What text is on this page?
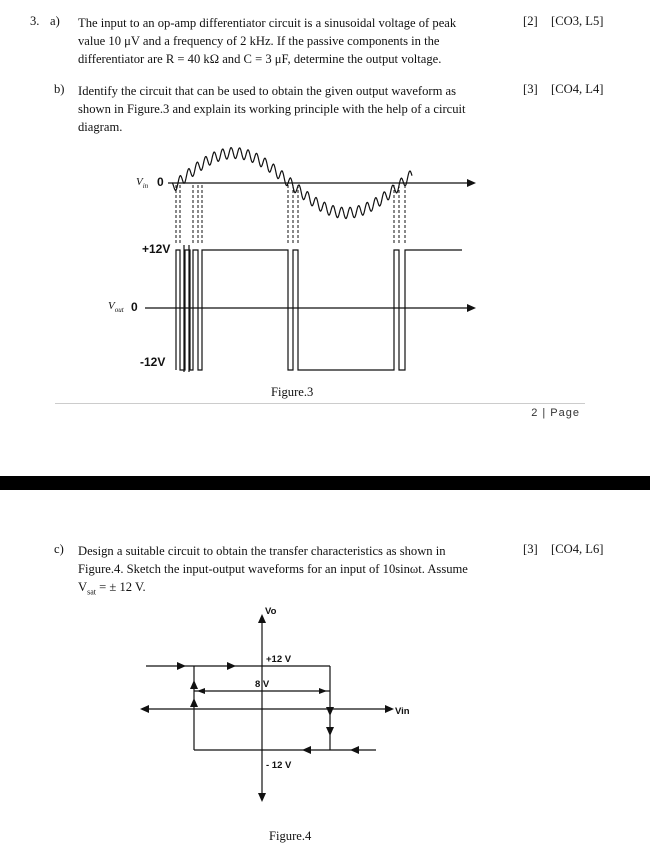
3. a) The input to an op-amp differentiator circuit is a sinusoidal voltage of peak
value 10 μV and a frequency of 2 kHz. If the passive components in the
differentiator are R = 40 kΩ and C = 3 μF, determine the output voltage.
[2] [CO3, L5]
b) Identify the circuit that can be used to obtain the given output waveform as
shown in Figure.3 and explain its working principle with the help of a circuit
diagram.
[3] [CO4, L4]
$V_{in}$ 0
+12V
$V_{out}$ 0
-12V
Figure.3
2 | Page
c) Design a suitable circuit to obtain the transfer characteristics as shown in
Figure.4. Sketch the input-output waveforms for an input of 10sinωt. Assume
$V_{sat}$ = ± 12 V.
[3] [CO4, L6]
Vo
+12 V
8 V
Vin
- 12 V
Figure.4
